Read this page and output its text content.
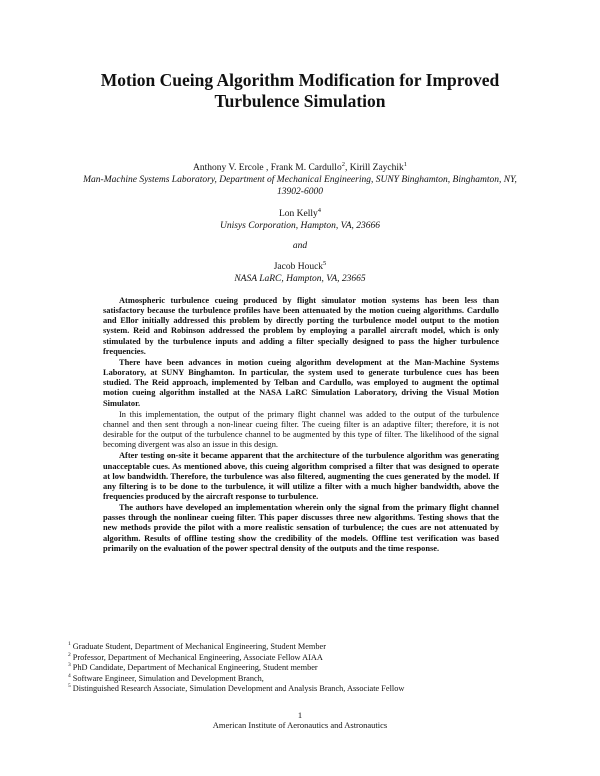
Motion Cueing Algorithm Modification for Improved Turbulence Simulation
Anthony V. Ercole , Frank M. Cardullo$^2$, Kirill Zaychik$^1$
Man-Machine Systems Laboratory, Department of Mechanical Engineering, SUNY Binghamton, Binghamton, NY,
13902-6000
Lon Kelly$^4$
Unisys Corporation, Hampton, VA, 23666
and
Jacob Houck$^5$
NASA LaRC, Hampton, VA, 23665

Atmospheric turbulence cueing produced by flight simulator motion systems has been less than satisfactory because the turbulence profiles have been attenuated by the motion cueing algorithms. Cardullo and Ellor initially addressed this problem by directly porting the turbulence model output to the motion system. Reid and Robinson addressed the problem by employing a parallel aircraft model, which is only stimulated by the turbulence inputs and adding a filter specially designed to pass the higher turbulence frequencies.

There have been advances in motion cueing algorithm development at the Man-Machine Systems Laboratory, at SUNY Binghamton. In particular, the system used to generate turbulence cues has been studied. The Reid approach, implemented by Telban and Cardullo, was employed to augment the optimal motion cueing algorithm installed at the NASA LaRC Simulation Laboratory, driving the Visual Motion Simulator.

In this implementation, the output of the primary flight channel was added to the output of the turbulence channel and then sent through a non-linear cueing filter. The cueing filter is an adaptive filter; therefore, it is not desirable for the output of the turbulence channel to be augmented by this type of filter. The likelihood of the signal becoming divergent was also an issue in this design.

After testing on-site it became apparent that the architecture of the turbulence algorithm was generating unacceptable cues. As mentioned above, this cueing algorithm comprised a filter that was designed to operate at low bandwidth. Therefore, the turbulence was also filtered, augmenting the cues generated by the model. If any filtering is to be done to the turbulence, it will utilize a filter with a much higher bandwidth, above the frequencies produced by the aircraft response to turbulence.

The authors have developed an implementation wherein only the signal from the primary flight channel passes through the nonlinear cueing filter. This paper discusses three new algorithms. Testing shows that the new methods provide the pilot with a more realistic sensation of turbulence; the cues are not attenuated by algorithm. Results of offline testing show the credibility of the models. Offline test verification was based primarily on the evaluation of the power spectral density of the outputs and the time response.

$^1$ Graduate Student, Department of Mechanical Engineering, Student Member
$^2$ Professor, Department of Mechanical Engineering, Associate Fellow AIAA
$^3$ PhD Candidate, Department of Mechanical Engineering, Student member
$^4$ Software Engineer, Simulation and Development Branch,
$^5$ Distinguished Research Associate, Simulation Development and Analysis Branch, Associate Fellow
1
American Institute of Aeronautics and Astronautics
